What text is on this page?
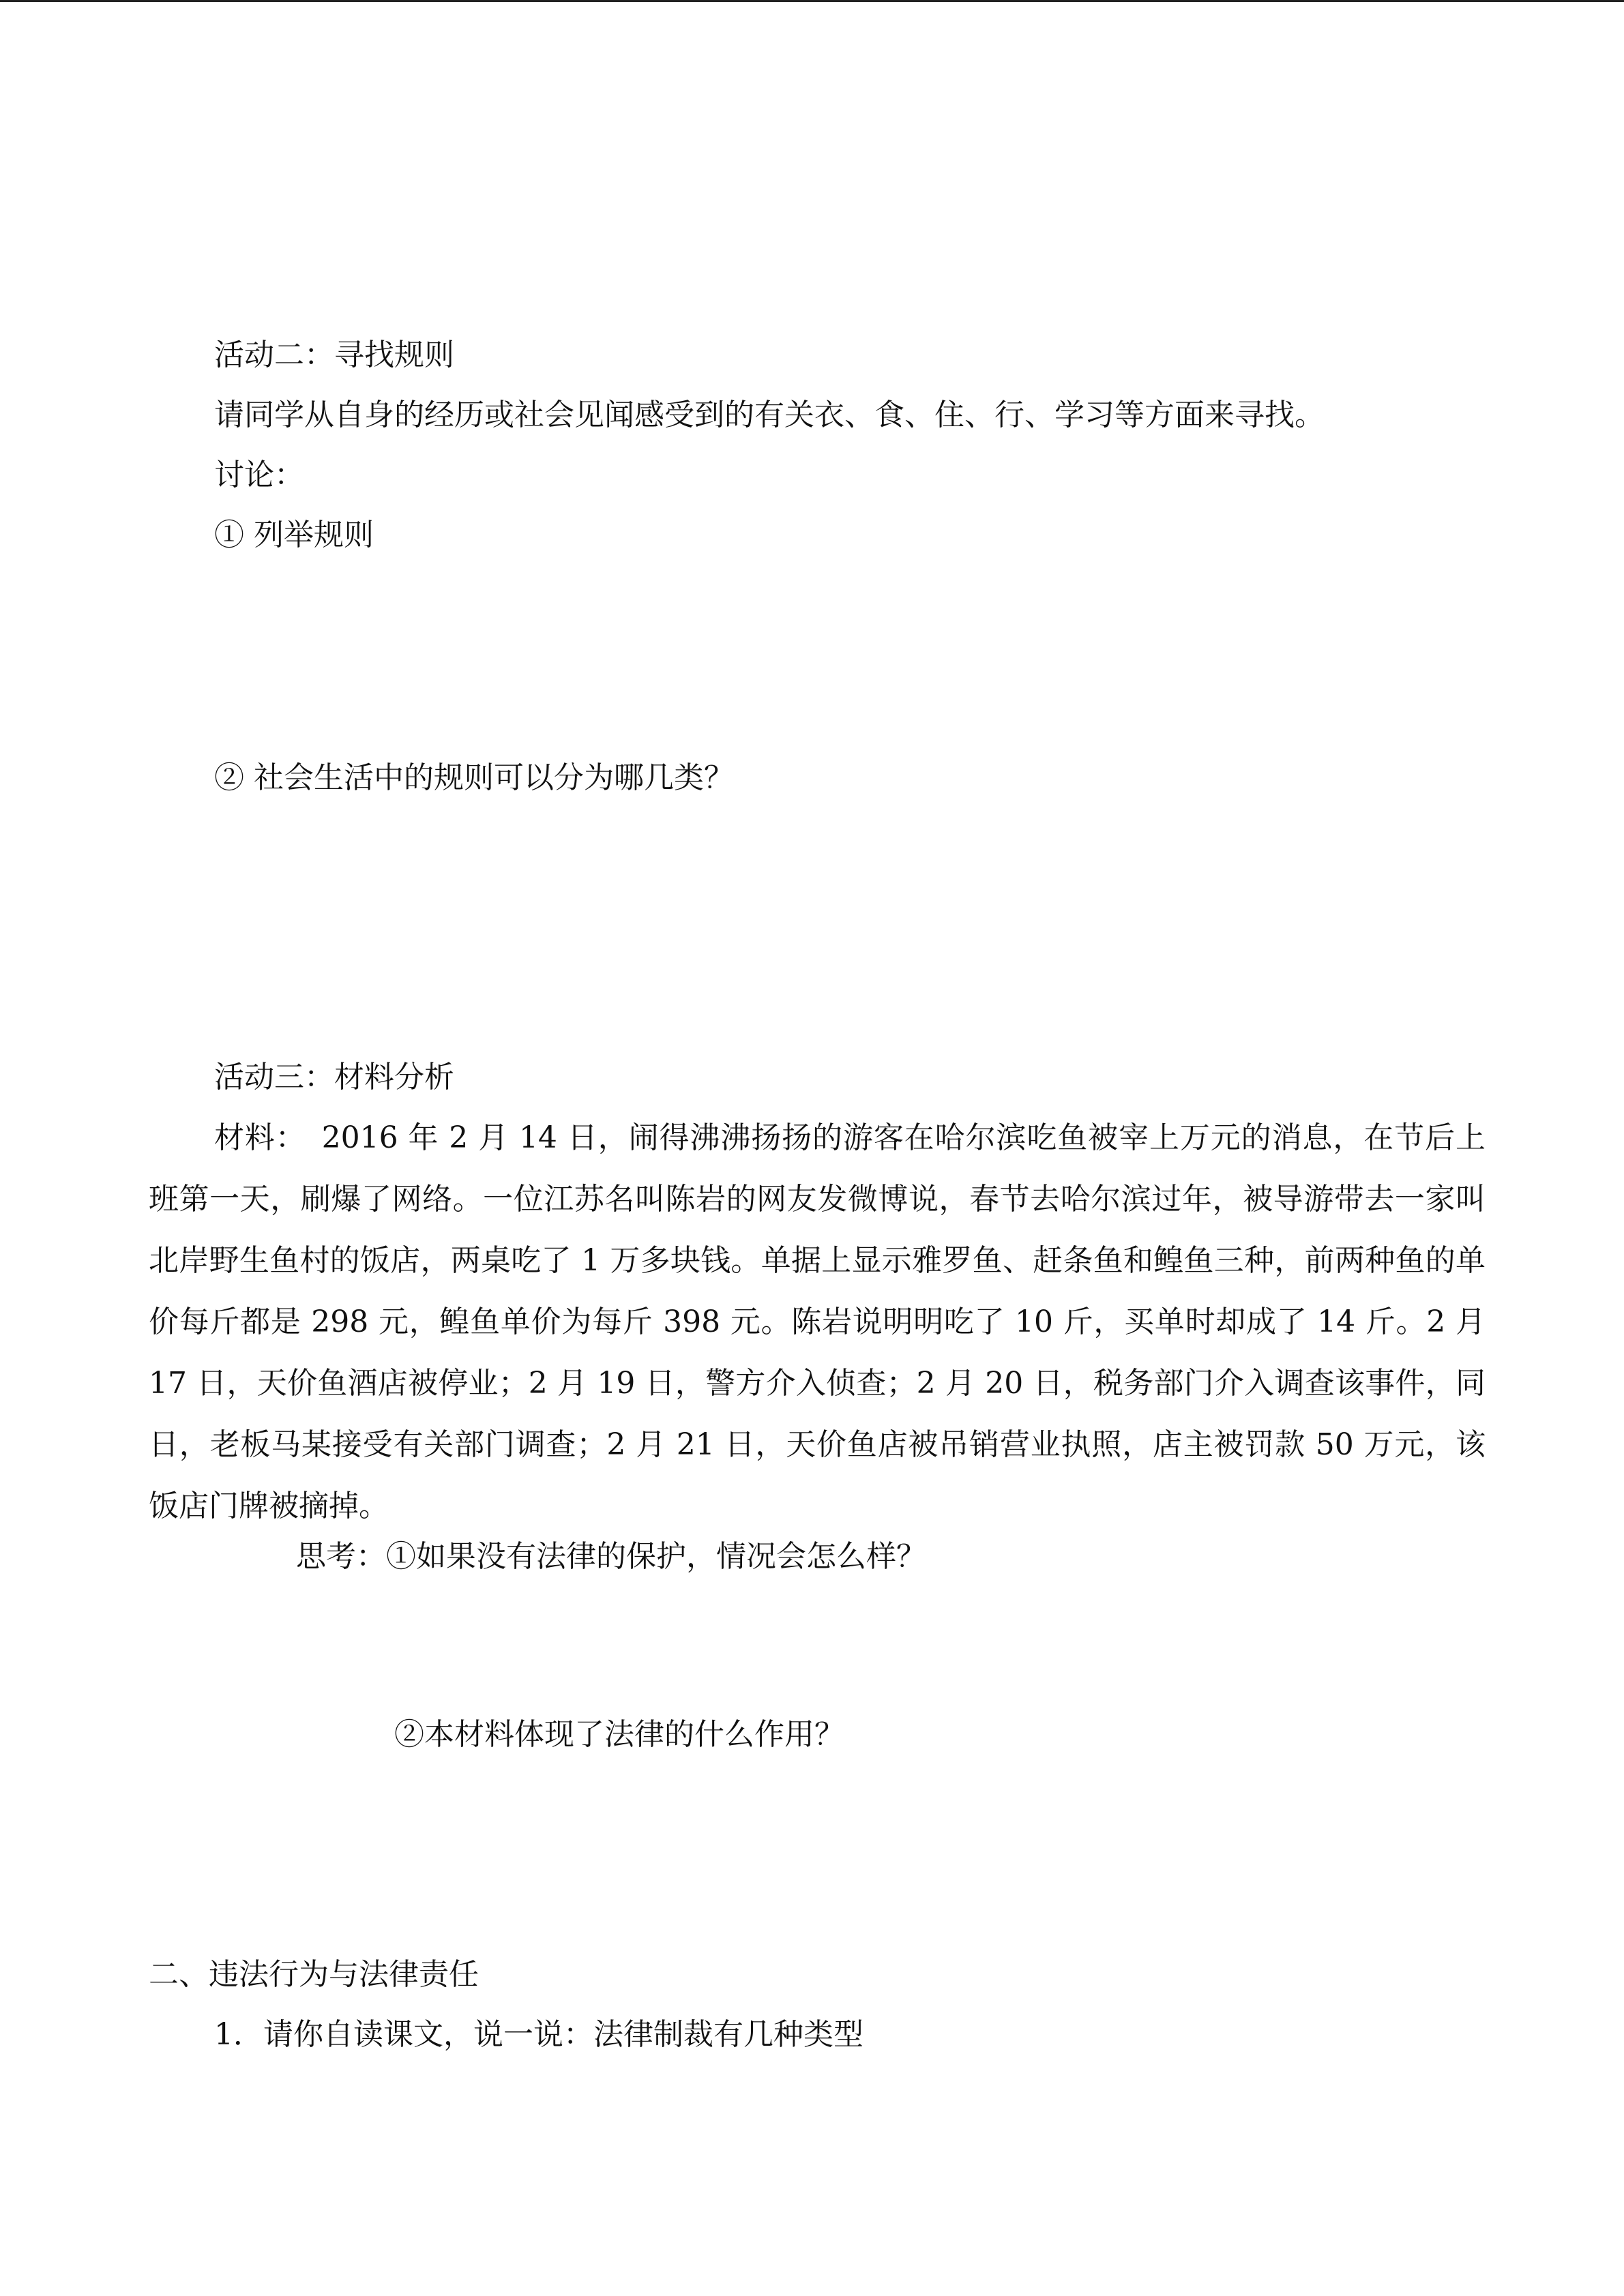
活动二：寻找规则
请同学从自身的经历或社会见闻感受到的有关衣、食、住、行、学习等方面来寻找。
讨论：
① 列举规则
② 社会生活中的规则可以分为哪几类？
活动三：材料分析
材料：　2016 年 2 月 14 日，闹得沸沸扬扬的游客在哈尔滨吃鱼被宰上万元的消息，在节后上班第一天，刷爆了网络。一位江苏名叫陈岩的网友发微博说，春节去哈尔滨过年，被导游带去一家叫北岸野生鱼村的饭店，两桌吃了 1 万多块钱。单据上显示雅罗鱼、赶条鱼和鳇鱼三种，前两种鱼的单价每斤都是 298 元，鳇鱼单价为每斤 398 元。陈岩说明明吃了 10 斤，买单时却成了 14 斤。2 月 17 日，天价鱼酒店被停业；2 月 19 日，警方介入侦查；2 月 20 日，税务部门介入调查该事件，同日，老板马某接受有关部门调查；2 月 21 日，天价鱼店被吊销营业执照，店主被罚款 50 万元，该饭店门牌被摘掉。
思考：①如果没有法律的保护，情况会怎么样？
②本材料体现了法律的什么作用？
二、违法行为与法律责任
1．请你自读课文，说一说：法律制裁有几种类型
